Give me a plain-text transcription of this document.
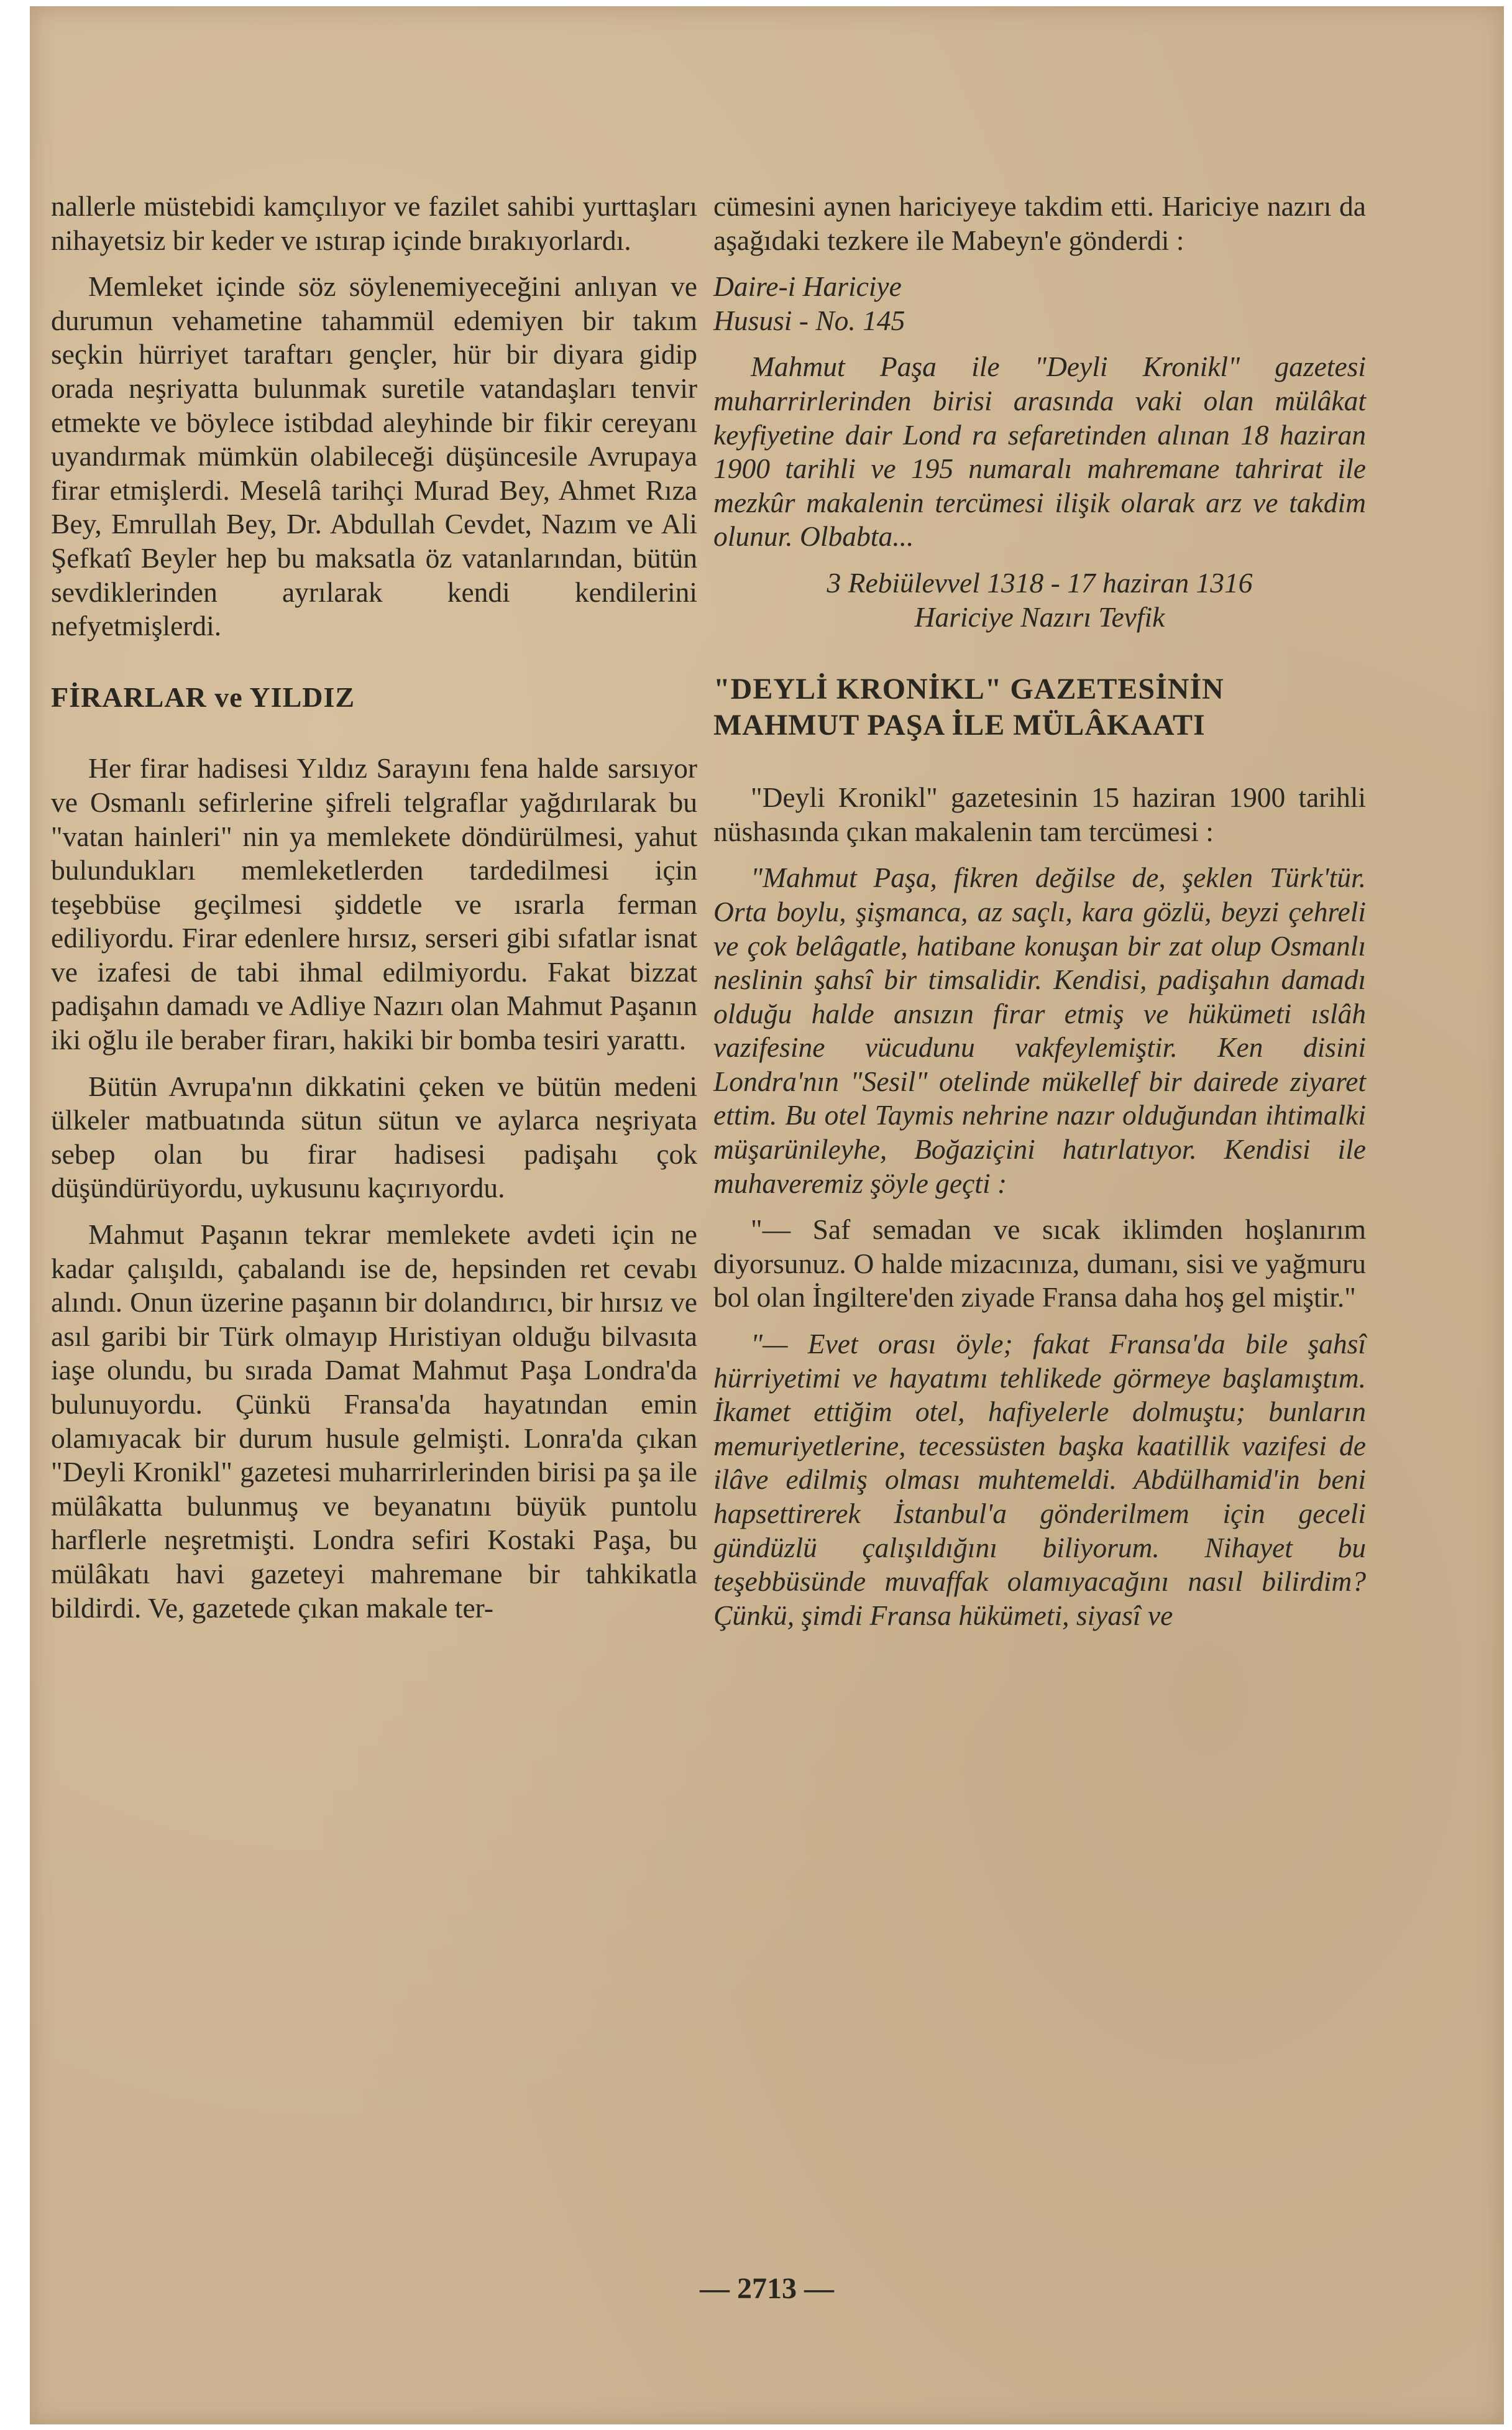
nallerle müstebidi kamçılıyor ve fazilet sahibi yurttaşları nihayetsiz bir keder ve ıstırap içinde bırakıyorlardı.

Memleket içinde söz söylenemiyeceğini anlıyan ve durumun vehametine tahammül edemiyen bir takım seçkin hürriyet taraftarı gençler, hür bir diyara gidip orada neşriyatta bulunmak suretile vatandaşları tenvir etmekte ve böylece istibdad aleyhinde bir fikir cereyanı uyandırmak mümkün olabileceği düşüncesile Avrupaya firar etmişlerdi. Meselâ tarihçi Murad Bey, Ahmet Rıza Bey, Emrullah Bey, Dr. Abdullah Cevdet, Nazım ve Ali Şefkatî Beyler hep bu maksatla öz vatanlarından, bütün sevdiklerinden ayrılarak kendi kendilerini nefyetmişlerdi.

FİRARLAR ve YILDIZ

Her firar hadisesi Yıldız Sarayını fena halde sarsıyor ve Osmanlı sefirlerine şifreli telgraflar yağdırılarak bu "vatan hainleri" nin ya memlekete döndürülmesi, yahut bulundukları memleketlerden tardedilmesi için teşebbüse geçilmesi şiddetle ve ısrarla ferman ediliyordu. Firar edenlere hırsız, serseri gibi sıfatlar isnat ve izafesi de tabi ihmal edilmiyordu. Fakat bizzat padişahın damadı ve Adliye Nazırı olan Mahmut Paşanın iki oğlu ile beraber firarı, hakiki bir bomba tesiri yarattı.

Bütün Avrupa'nın dikkatini çeken ve bütün medeni ülkeler matbuatında sütun sütun ve aylarca neşriyata sebep olan bu firar hadisesi padişahı çok düşündürüyordu, uykusunu kaçırıyordu.

Mahmut Paşanın tekrar memlekete avdeti için ne kadar çalışıldı, çabalandı ise de, hepsinden ret cevabı alındı. Onun üzerine paşanın bir dolandırıcı, bir hırsız ve asıl garibi bir Türk olmayıp Hıristiyan olduğu bilvasıta iaşe olundu, bu sırada Damat Mahmut Paşa Londra'da bulunuyordu. Çünkü Fransa'da hayatından emin olamıyacak bir durum husule gelmişti. Lonra'da çıkan "Deyli Kronikl" gazetesi muharrirlerinden birisi pa şa ile mülâkatta bulunmuş ve beyanatını büyük puntolu harflerle neşretmişti. Londra sefiri Kostaki Paşa, bu mülâkatı havi gazeteyi mahremane bir tahkikatla bildirdi. Ve, gazetede çıkan makale ter-

cümesini aynen hariciyeye takdim etti. Hariciye nazırı da aşağıdaki tezkere ile Mabeyn'e gönderdi :

Daire-i Hariciye

Hususi - No. 145

Mahmut Paşa ile "Deyli Kronikl" gazetesi muharrirlerinden birisi arasında vaki olan mülâkat keyfiyetine dair Lond ra sefaretinden alınan 18 haziran 1900 tarihli ve 195 numaralı mahremane tahrirat ile mezkûr makalenin tercümesi ilişik olarak arz ve takdim olunur. Olbabta...

3 Rebiülevvel 1318 - 17 haziran 1316

Hariciye Nazırı Tevfik

"DEYLİ KRONİKL" GAZETESİNİN

MAHMUT PAŞA İLE MÜLÂKAATI

"Deyli Kronikl" gazetesinin 15 haziran 1900 tarihli nüshasında çıkan makalenin tam tercümesi :

"Mahmut Paşa, fikren değilse de, şeklen Türk'tür. Orta boylu, şişmanca, az saçlı, kara gözlü, beyzi çehreli ve çok belâgatle, hatibane konuşan bir zat olup Osmanlı neslinin şahsî bir timsalidir. Kendisi, padişahın damadı olduğu halde ansızın firar etmiş ve hükümeti ıslâh vazifesine vücudunu vakfeylemiştir. Ken disini Londra'nın "Sesil" otelinde mükellef bir dairede ziyaret ettim. Bu otel Taymis nehrine nazır olduğundan ihtimalki müşarünileyhe, Boğaziçini hatırlatıyor. Kendisi ile muhaveremiz şöyle geçti :

"— Saf semadan ve sıcak iklimden hoşlanırım diyorsunuz. O halde mizacınıza, dumanı, sisi ve yağmuru bol olan İngiltere'den ziyade Fransa daha hoş gel miştir."

"— Evet orası öyle; fakat Fransa'da bile şahsî hürriyetimi ve hayatımı tehlikede görmeye başlamıştım. İkamet ettiğim otel, hafiyelerle dolmuştu; bunların memuriyetlerine, tecessüsten başka kaatillik vazifesi de ilâve edilmiş olması muhtemeldi. Abdülhamid'in beni hapsettirerek İstanbul'a gönderilmem için geceli gündüzlü çalışıldığını biliyorum. Nihayet bu teşebbüsünde muvaffak olamıyacağını nasıl bilirdim? Çünkü, şimdi Fransa hükümeti, siyasî ve

— 2713 —
